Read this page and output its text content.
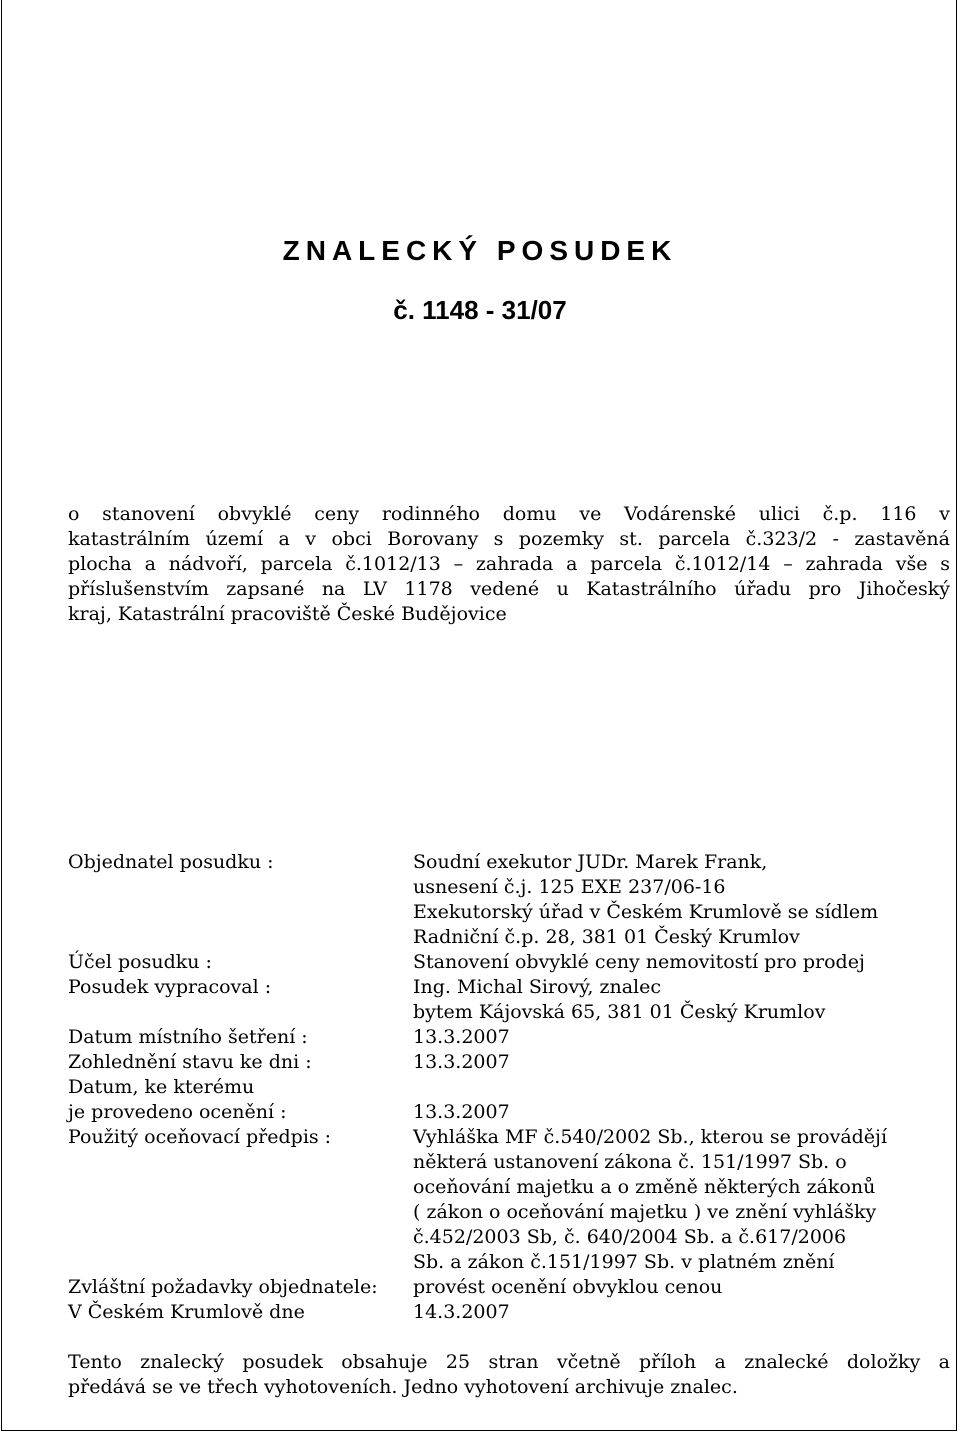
ZNALECKÝ POSUDEK
č. 1148 - 31/07
o stanovení obvyklé ceny rodinného domu ve Vodárenské ulici č.p. 116 v
katastrálním území a v obci Borovany s pozemky st. parcela č.323/2 - zastavěná
plocha a nádvoří, parcela č.1012/13 – zahrada a parcela č.1012/14 – zahrada vše s
příslušenstvím zapsané na LV 1178 vedené u Katastrálního úřadu pro Jihočeský
kraj, Katastrální pracoviště České Budějovice
Objednatel posudku :	Soudní exekutor JUDr. Marek Frank,
usnesení č.j. 125 EXE 237/06-16
Exekutorský úřad v Českém Krumlově se sídlem
Radniční č.p. 28, 381 01 Český Krumlov
Účel posudku :	Stanovení obvyklé ceny nemovitostí pro prodej
Posudek vypracoval :	Ing. Michal Sirový, znalec
bytem Kájovská 65, 381 01 Český Krumlov
Datum místního šetření :	13.3.2007
Zohlednění stavu ke dni :	13.3.2007
Datum, ke kterému
je provedeno ocenění :	13.3.2007
Použitý oceňovací předpis :	Vyhláška MF č.540/2002 Sb., kterou se provádějí
některá ustanovení zákona č. 151/1997 Sb. o
oceňování majetku a o změně některých zákonů
( zákon o oceňování majetku ) ve znění vyhlášky
č.452/2003 Sb, č. 640/2004 Sb. a č.617/2006
Sb. a zákon č.151/1997 Sb. v platném znění
Zvláštní požadavky objednatele:	provést ocenění obvyklou cenou
V Českém Krumlově dne	14.3.2007
Tento znalecký posudek obsahuje 25 stran včetně příloh a znalecké doložky a
předává se ve třech vyhotoveních. Jedno vyhotovení archivuje znalec.
